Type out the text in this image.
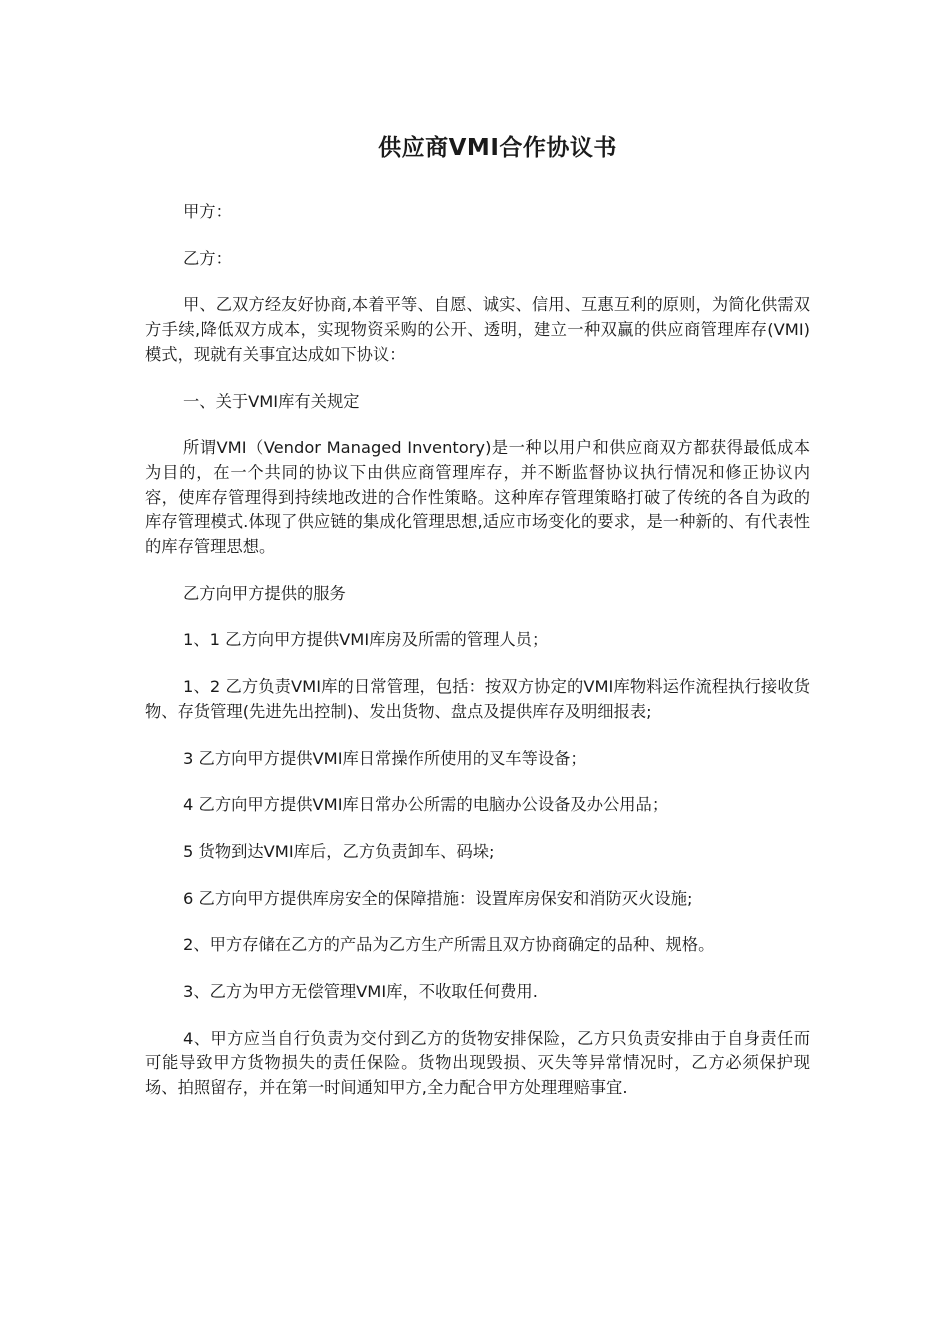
供应商VMI合作协议书

甲方：

乙方：

甲、乙双方经友好协商,本着平等、自愿、诚实、信用、互惠互利的原则，为简化供需双方手续,降低双方成本，实现物资采购的公开、透明，建立一种双赢的供应商管理库存(VMI)模式，现就有关事宜达成如下协议：

一、关于VMI库有关规定

所谓VMI（Vendor Managed Inventory)是一种以用户和供应商双方都获得最低成本为目的，在一个共同的协议下由供应商管理库存，并不断监督协议执行情况和修正协议内容，使库存管理得到持续地改进的合作性策略。这种库存管理策略打破了传统的各自为政的库存管理模式.体现了供应链的集成化管理思想,适应市场变化的要求，是一种新的、有代表性的库存管理思想。

乙方向甲方提供的服务

1、1 乙方向甲方提供VMI库房及所需的管理人员；

1、2 乙方负责VMI库的日常管理，包括：按双方协定的VMI库物料运作流程执行接收货物、存货管理(先进先出控制)、发出货物、盘点及提供库存及明细报表;

3 乙方向甲方提供VMI库日常操作所使用的叉车等设备；

4 乙方向甲方提供VMI库日常办公所需的电脑办公设备及办公用品；

5 货物到达VMI库后，乙方负责卸车、码垛;

6 乙方向甲方提供库房安全的保障措施：设置库房保安和消防灭火设施;

2、甲方存储在乙方的产品为乙方生产所需且双方协商确定的品种、规格。

3、乙方为甲方无偿管理VMI库，不收取任何费用.

4、甲方应当自行负责为交付到乙方的货物安排保险，乙方只负责安排由于自身责任而可能导致甲方货物损失的责任保险。货物出现毁损、灭失等异常情况时，乙方必须保护现场、拍照留存，并在第一时间通知甲方,全力配合甲方处理理赔事宜.
